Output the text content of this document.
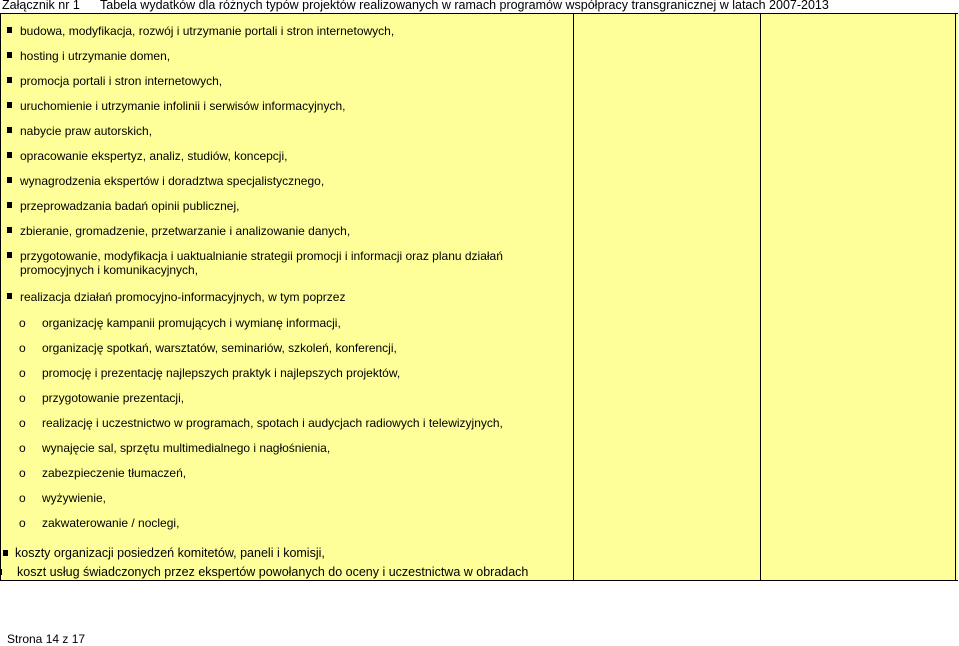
Załącznik nr 1 Tabela wydatków dla różnych typów projektów realizowanych w ramach programów współpracy transgranicznej w latach 2007-2013
budowa, modyfikacja, rozwój i utrzymanie portali i stron internetowych,
hosting i utrzymanie domen,
promocja portali i stron internetowych,
uruchomienie i utrzymanie infolinii i serwisów informacyjnych,
nabycie praw autorskich,
opracowanie ekspertyz, analiz, studiów, koncepcji,
wynagrodzenia ekspertów i doradztwa specjalistycznego,
przeprowadzania badań opinii publicznej,
zbieranie, gromadzenie, przetwarzanie i analizowanie danych,
przygotowanie, modyfikacja i uaktualnianie strategii promocji i informacji oraz planu działań promocyjnych i komunikacyjnych,
realizacja działań promocyjno-informacyjnych, w tym poprzez
o organizację kampanii promujących i wymianę informacji,
o organizację spotkań, warsztatów, seminariów, szkoleń, konferencji,
o promocję i prezentację najlepszych praktyk i najlepszych projektów,
o przygotowanie prezentacji,
o realizację i uczestnictwo w programach, spotach i audycjach radiowych i telewizyjnych,
o wynajęcie sal, sprzętu multimedialnego i nagłośnienia,
o zabezpieczenie tłumaczeń,
o wyżywienie,
o zakwaterowanie / noclegi,
koszty organizacji posiedzeń komitetów, paneli i komisji,
koszt usług świadczonych przez ekspertów powołanych do oceny i uczestnictwa w obradach
Strona 14 z 17
